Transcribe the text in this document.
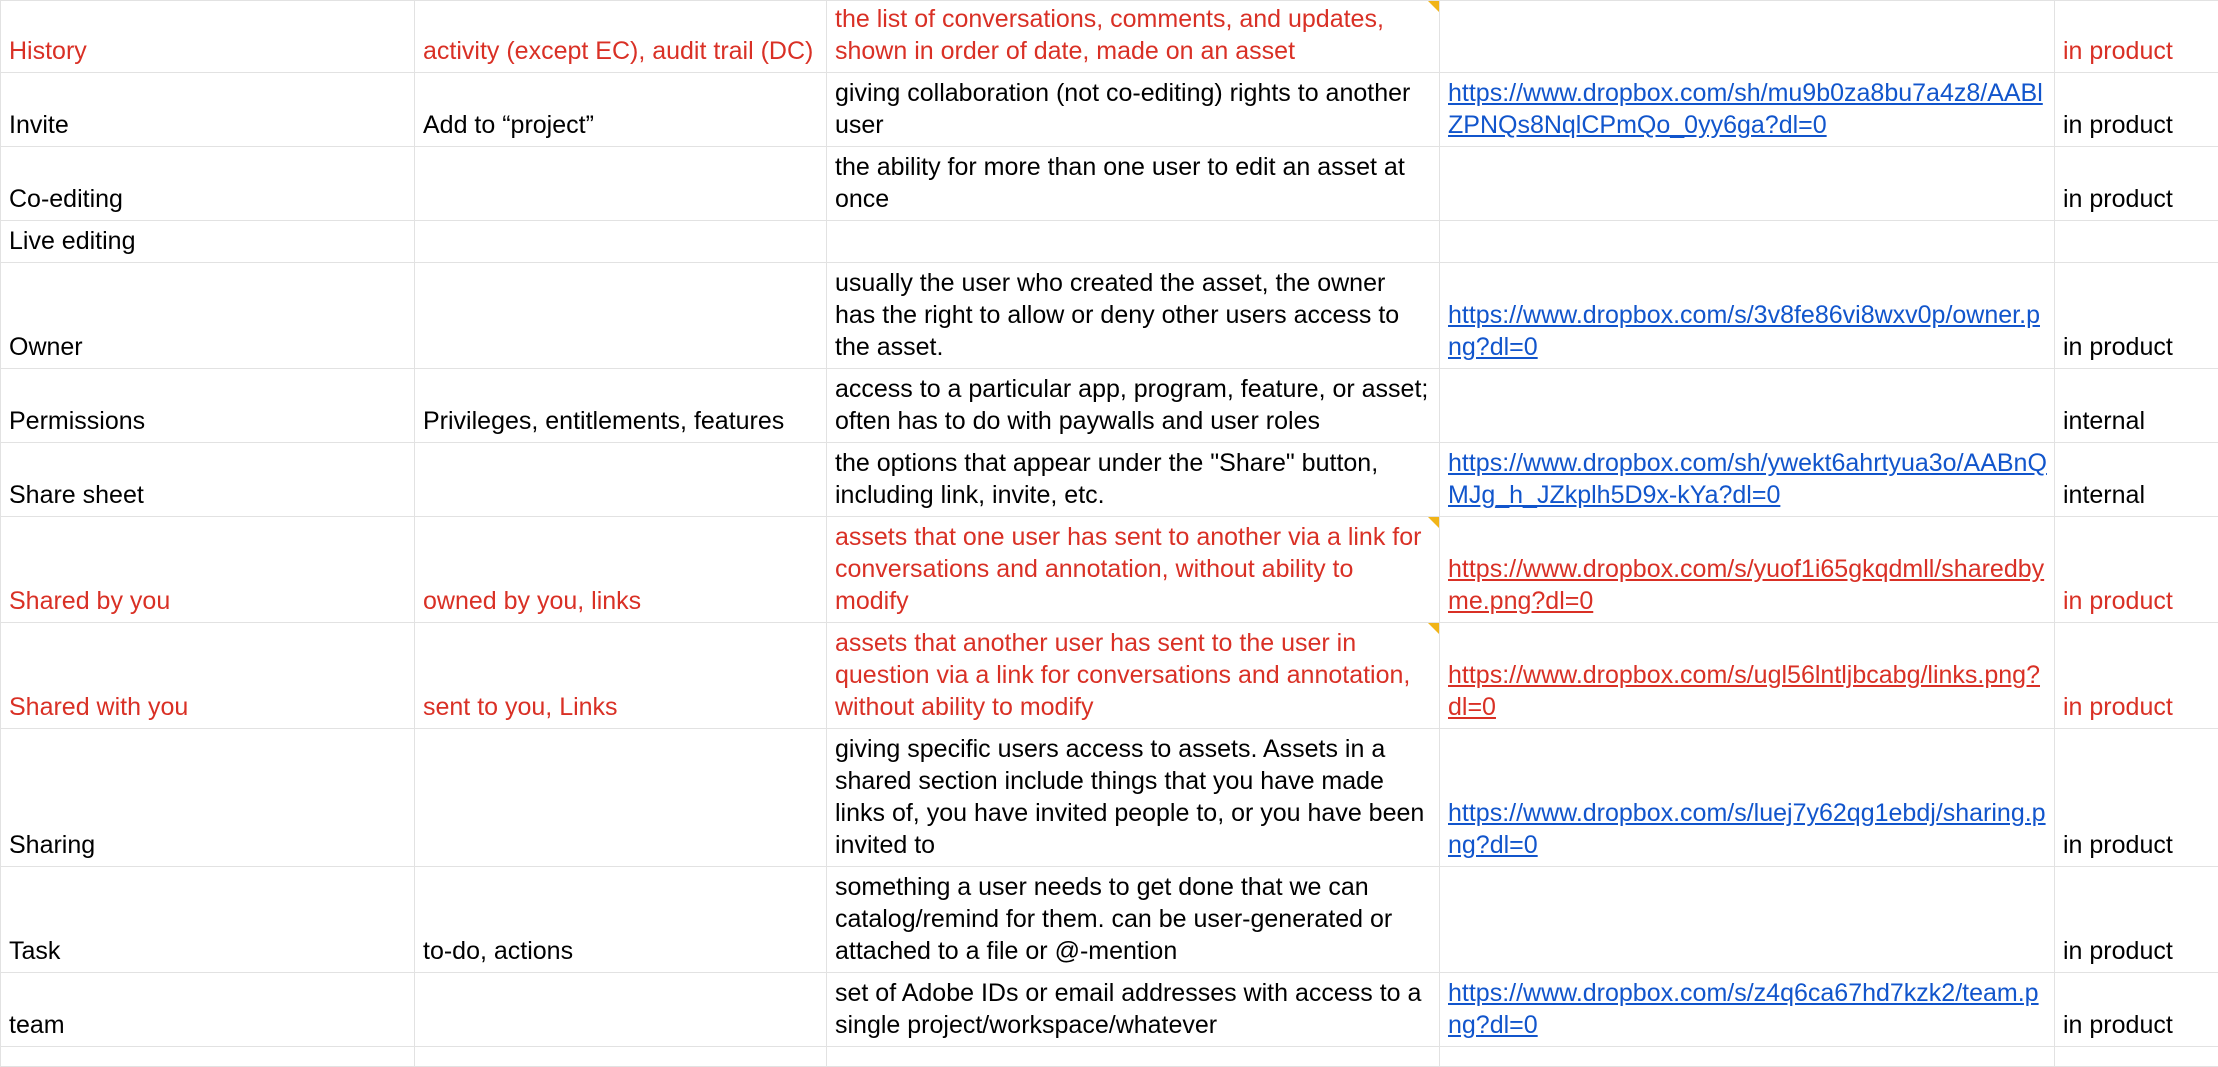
History	activity (except EC), audit trail (DC)	the list of conversations, comments, and updates, shown in order of date, made on an asset		in product
Invite	Add to “project”	giving collaboration (not co-editing) rights to another user	https://www.dropbox.com/sh/mu9b0za8bu7a4z8/AABlZPNQs8NqlCPmQo_0yy6ga?dl=0	in product
Co-editing		the ability for more than one user to edit an asset at once		in product
Live editing				
Owner		usually the user who created the asset, the owner has the right to allow or deny other users access to the asset.	https://www.dropbox.com/s/3v8fe86vi8wxv0p/owner.png?dl=0	in product
Permissions	Privileges, entitlements, features	access to a particular app, program, feature, or asset; often has to do with paywalls and user roles		internal
Share sheet		the options that appear under the "Share" button, including link, invite, etc.	https://www.dropbox.com/sh/ywekt6ahrtyua3o/AABnQMJg_h_JZkplh5D9x-kYa?dl=0	internal
Shared by you	owned by you, links	assets that one user has sent to another via a link for conversations and annotation, without ability to modify	https://www.dropbox.com/s/yuof1i65gkqdmll/sharedbyme.png?dl=0	in product
Shared with you	sent to you, Links	assets that another user has sent to the user in question via a link for conversations and annotation, without ability to modify	https://www.dropbox.com/s/ugl56lntljbcabg/links.png?dl=0	in product
Sharing		giving specific users access to assets. Assets in a shared section include things that you have made links of, you have invited people to, or you have been invited to	https://www.dropbox.com/s/luej7y62qg1ebdj/sharing.png?dl=0	in product
Task	to-do, actions	something a user needs to get done that we can catalog/remind for them. can be user-generated or attached to a file or @-mention		in product
team		set of Adobe IDs or email addresses with access to a single project/workspace/whatever	https://www.dropbox.com/s/z4q6ca67hd7kzk2/team.png?dl=0	in product
